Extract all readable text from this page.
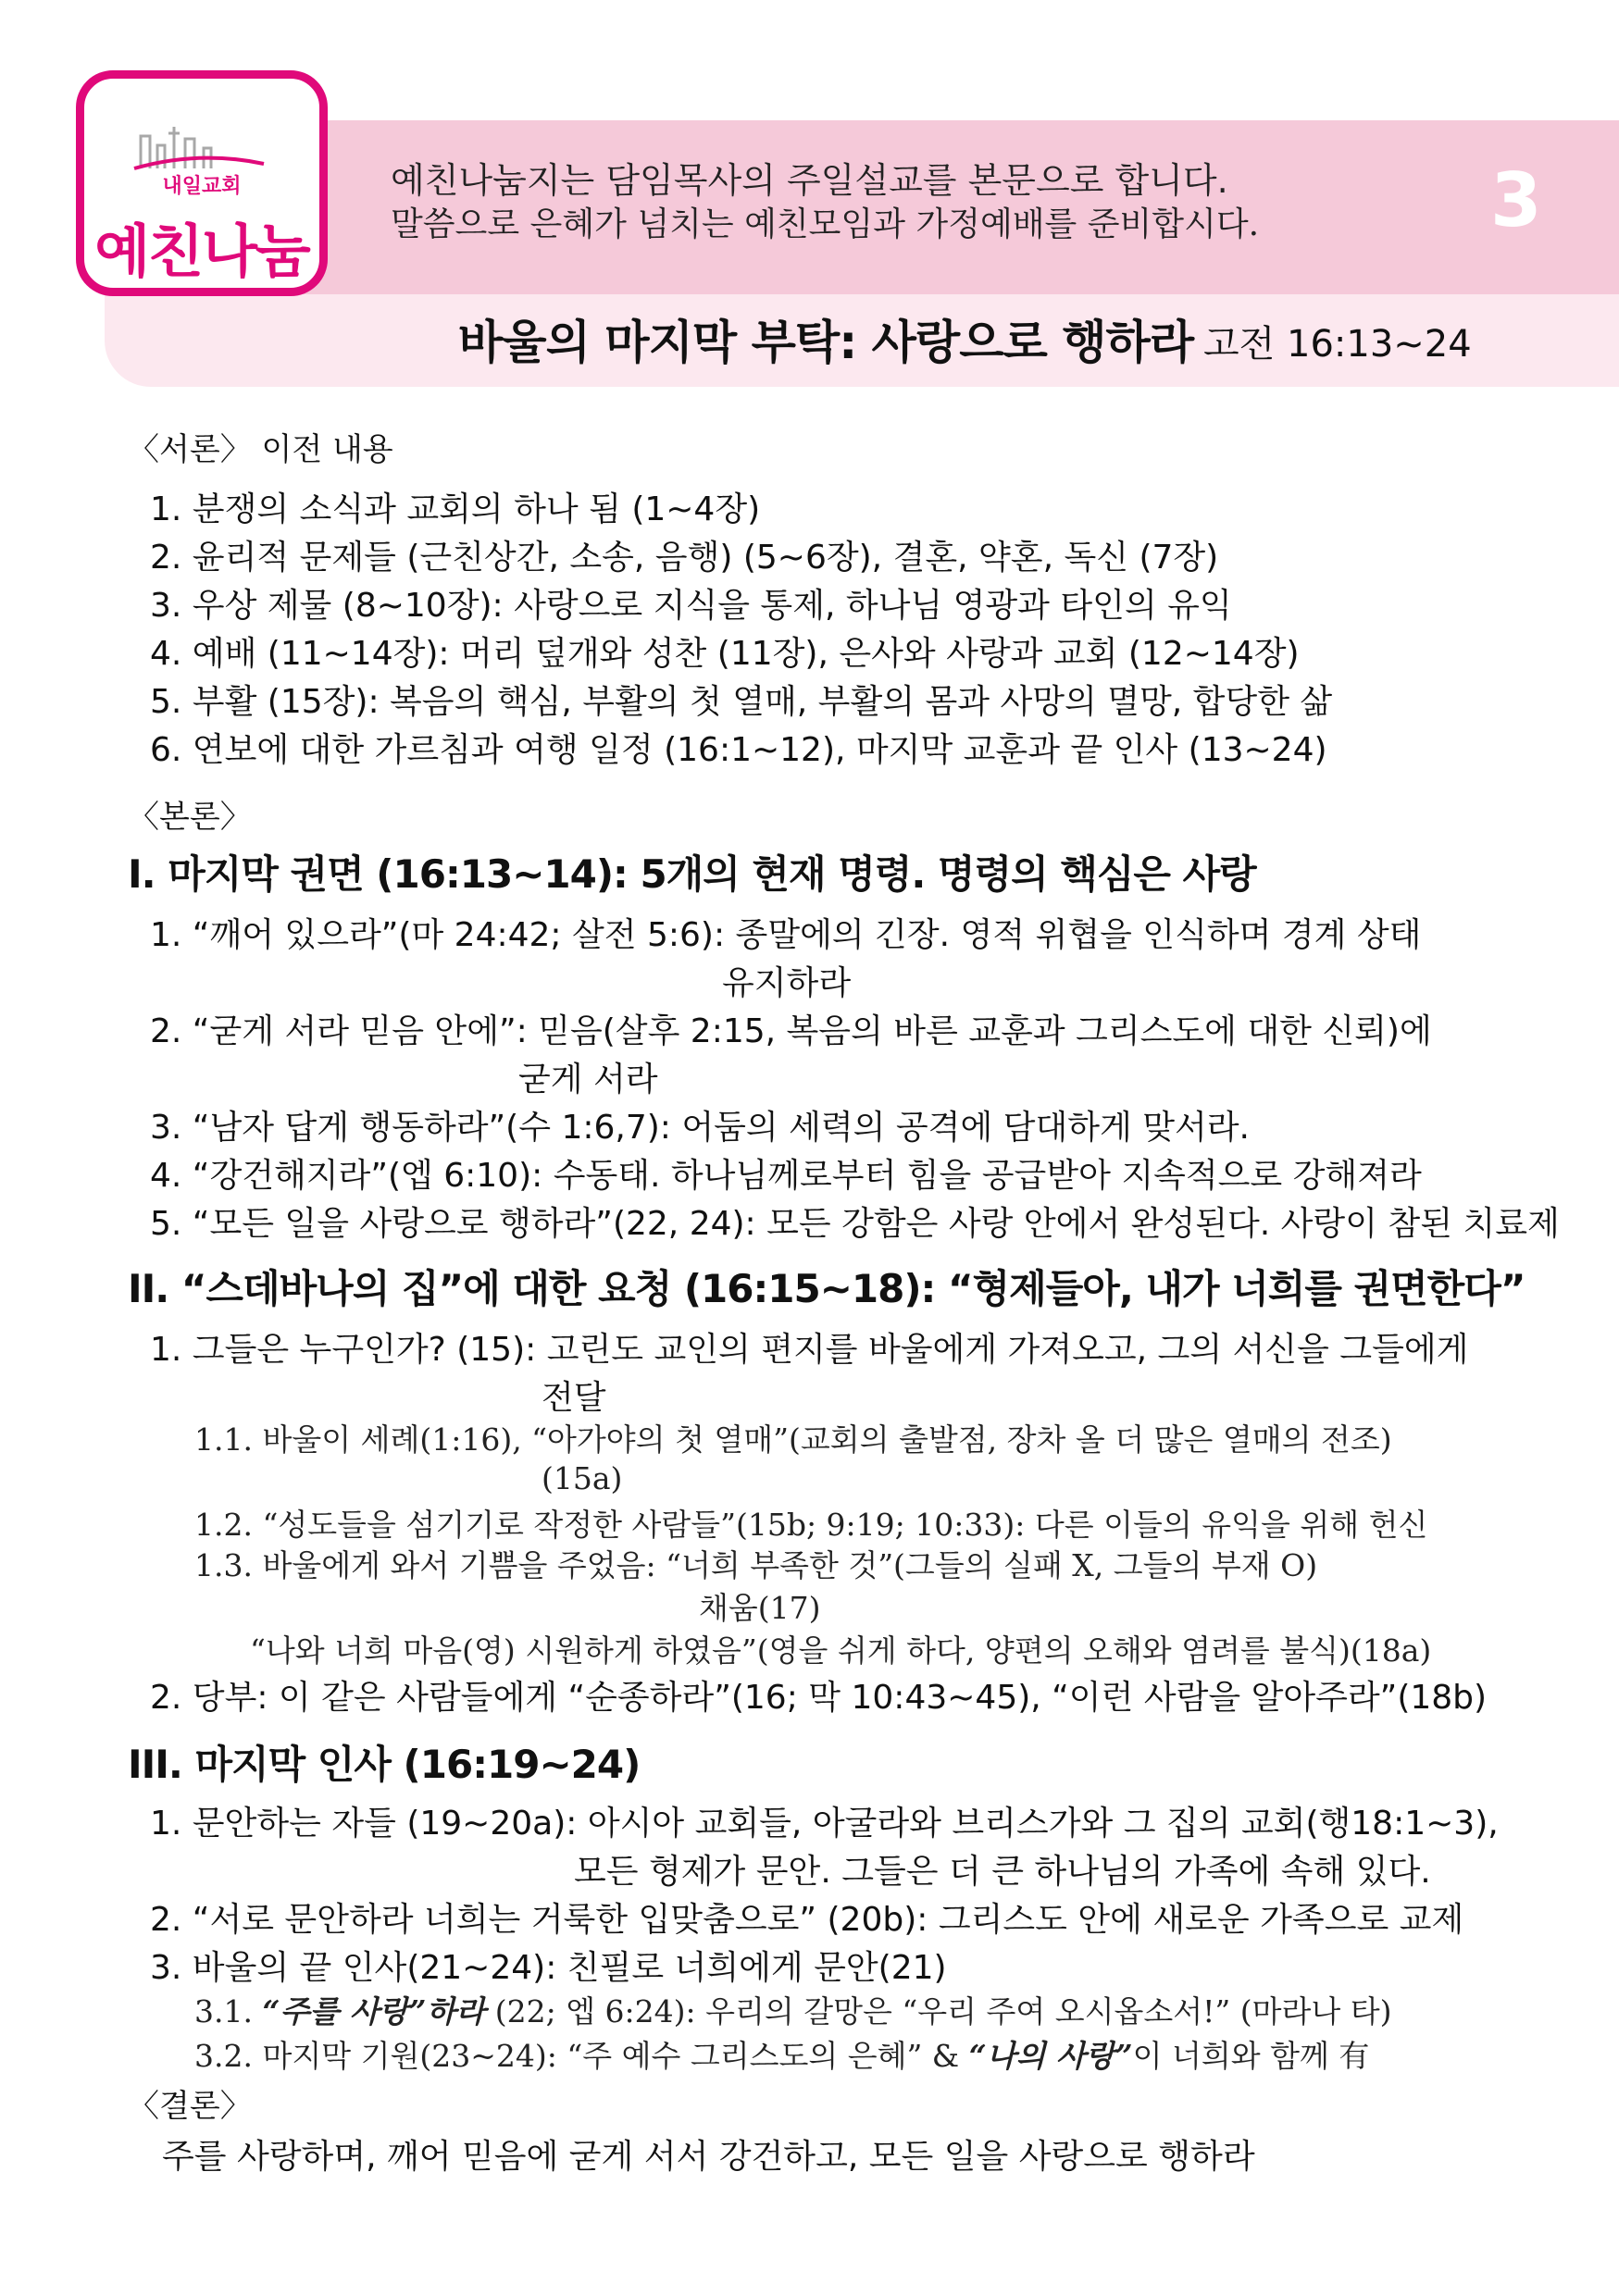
내일교회
예친나눔
예친나눔지는 담임목사의 주일설교를 본문으로 합니다.
말씀으로 은혜가 넘치는 예친모임과 가정예배를 준비합시다.	3
바울의 마지막 부탁: 사랑으로 행하라 고전 16:13~24
〈서론〉 이전 내용
1. 분쟁의 소식과 교회의 하나 됨 (1~4장)
2. 윤리적 문제들 (근친상간, 소송, 음행) (5~6장), 결혼, 약혼, 독신 (7장)
3. 우상 제물 (8~10장): 사랑으로 지식을 통제, 하나님 영광과 타인의 유익
4. 예배 (11~14장): 머리 덮개와 성찬 (11장), 은사와 사랑과 교회 (12~14장)
5. 부활 (15장): 복음의 핵심, 부활의 첫 열매, 부활의 몸과 사망의 멸망, 합당한 삶
6. 연보에 대한 가르침과 여행 일정 (16:1~12), 마지막 교훈과 끝 인사 (13~24)
〈본론〉
I. 마지막 권면 (16:13~14): 5개의 현재 명령. 명령의 핵심은 사랑
1. “깨어 있으라”(마 24:42; 살전 5:6): 종말에의 긴장. 영적 위협을 인식하며 경계 상태
유지하라
2. “굳게 서라 믿음 안에”: 믿음(살후 2:15, 복음의 바른 교훈과 그리스도에 대한 신뢰)에
굳게 서라
3. “남자 답게 행동하라”(수 1:6,7): 어둠의 세력의 공격에 담대하게 맞서라.
4. “강건해지라”(엡 6:10): 수동태. 하나님께로부터 힘을 공급받아 지속적으로 강해져라
5. “모든 일을 사랑으로 행하라”(22, 24): 모든 강함은 사랑 안에서 완성된다. 사랑이 참된 치료제
II. “스데바나의 집”에 대한 요청 (16:15~18): “형제들아, 내가 너희를 권면한다”
1. 그들은 누구인가? (15): 고린도 교인의 편지를 바울에게 가져오고, 그의 서신을 그들에게
전달
1.1. 바울이 세례(1:16), “아가야의 첫 열매”(교회의 출발점, 장차 올 더 많은 열매의 전조)
(15a)
1.2. “성도들을 섬기기로 작정한 사람들”(15b; 9:19; 10:33): 다른 이들의 유익을 위해 헌신
1.3. 바울에게 와서 기쁨을 주었음: “너희 부족한 것”(그들의 실패 X, 그들의 부재 O)
채움(17)
“나와 너희 마음(영) 시원하게 하였음”(영을 쉬게 하다, 양편의 오해와 염려를 불식)(18a)
2. 당부: 이 같은 사람들에게 “순종하라”(16; 막 10:43~45), “이런 사람을 알아주라”(18b)
III. 마지막 인사 (16:19~24)
1. 문안하는 자들 (19~20a): 아시아 교회들, 아굴라와 브리스가와 그 집의 교회(행18:1~3),
모든 형제가 문안. 그들은 더 큰 하나님의 가족에 속해 있다.
2. “서로 문안하라 너희는 거룩한 입맞춤으로” (20b): 그리스도 안에 새로운 가족으로 교제
3. 바울의 끝 인사(21~24): 친필로 너희에게 문안(21)
3.1. “주를 사랑”하라 (22; 엡 6:24): 우리의 갈망은 “우리 주여 오시옵소서!” (마라나 타)
3.2. 마지막 기원(23~24): “주 예수 그리스도의 은혜” & “나의 사랑”이 너희와 함께 有
〈결론〉
주를 사랑하며, 깨어 믿음에 굳게 서서 강건하고, 모든 일을 사랑으로 행하라
